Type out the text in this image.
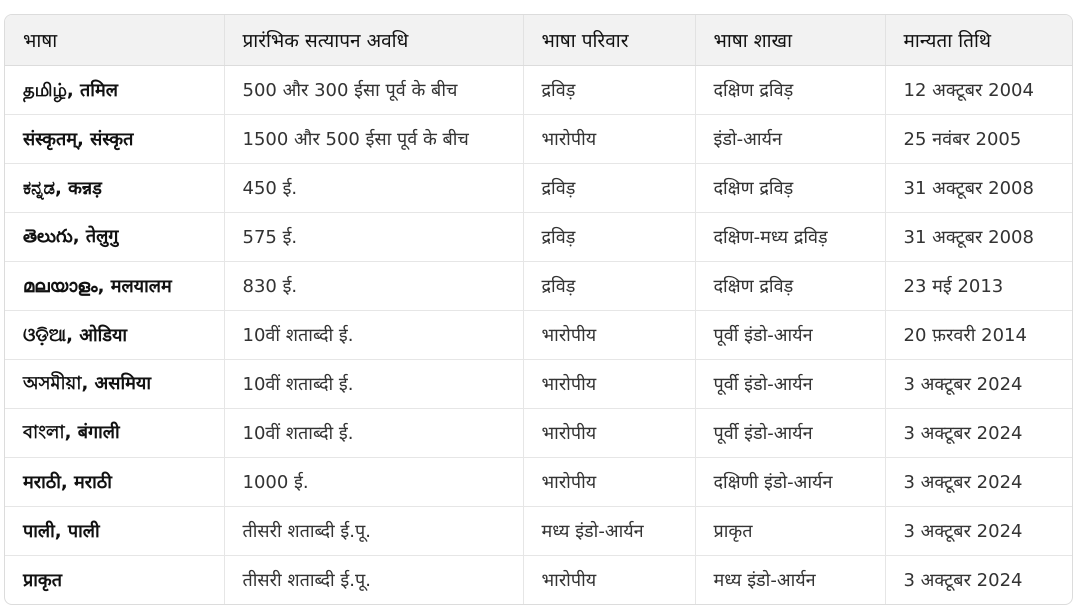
भाषा	प्रारंभिक सत्यापन अवधि	भाषा परिवार	भाषा शाखा	मान्यता तिथि
தமிழ், तमिल	500 और 300 ईसा पूर्व के बीच	द्रविड़	दक्षिण द्रविड़	12 अक्टूबर 2004
संस्कृतम्, संस्कृत	1500 और 500 ईसा पूर्व के बीच	भारोपीय	इंडो-आर्यन	25 नवंबर 2005
ಕನ್ನಡ, कन्नड़	450 ई.	द्रविड़	दक्षिण द्रविड़	31 अक्टूबर 2008
తెలుగు, तेलुगु	575 ई.	द्रविड़	दक्षिण-मध्य द्रविड़	31 अक्टूबर 2008
മലയാളം, मलयालम	830 ई.	द्रविड़	दक्षिण द्रविड़	23 मई 2013
ଓଡ଼ିଆ, ओडिया	10वीं शताब्दी ई.	भारोपीय	पूर्वी इंडो-आर्यन	20 फ़रवरी 2014
অসমীয়া, असमिया	10वीं शताब्दी ई.	भारोपीय	पूर्वी इंडो-आर्यन	3 अक्टूबर 2024
বাংলা, बंगाली	10वीं शताब्दी ई.	भारोपीय	पूर्वी इंडो-आर्यन	3 अक्टूबर 2024
मराठी, मराठी	1000 ई.	भारोपीय	दक्षिणी इंडो-आर्यन	3 अक्टूबर 2024
पाली, पाली	तीसरी शताब्दी ई.पू.	मध्य इंडो-आर्यन	प्राकृत	3 अक्टूबर 2024
प्राकृत	तीसरी शताब्दी ई.पू.	भारोपीय	मध्य इंडो-आर्यन	3 अक्टूबर 2024
